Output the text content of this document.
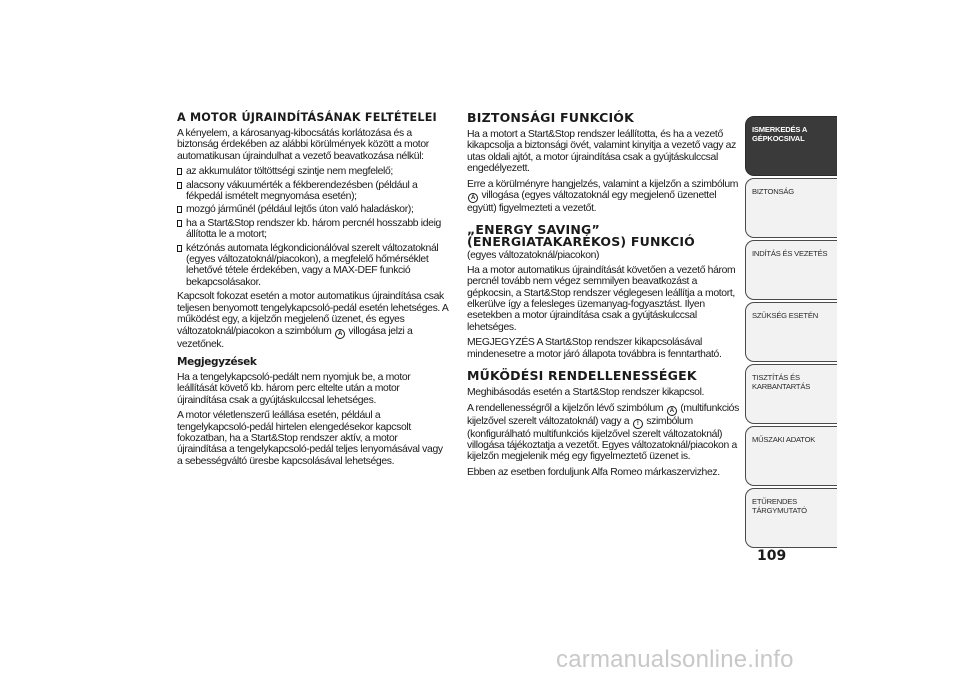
A MOTOR ÚJRAINDÍTÁSÁNAK FELTÉTELEI

A kényelem, a károsanyag-kibocsátás korlátozása és a biztonság érdekében az alábbi körülmények között a motor automatikusan újraindulhat a vezető beavatkozása nélkül:

az akkumulátor töltöttségi szintje nem megfelelő;
alacsony vákuumérték a fékberendezésben (például a fékpedál ismételt megnyomása esetén);
mozgó járműnél (például lejtős úton való haladáskor);
ha a Start&Stop rendszer kb. három percnél hosszabb ideig állította le a motort;
kétzónás automata légkondicionálóval szerelt változatoknál (egyes változatoknál/piacokon), a megfelelő hőmérséklet lehetővé tétele érdekében, vagy a MAX-DEF funkció bekapcsolásakor.

Kapcsolt fokozat esetén a motor automatikus újraindítása csak teljesen benyomott tengelykapcsoló-pedál esetén lehetséges. A működést egy, a kijelzőn megjelenő üzenet, és egyes változatoknál/piacokon a szimbólum A villogása jelzi a vezetőnek.

Megjegyzések

Ha a tengelykapcsoló-pedált nem nyomjuk be, a motor leállítását követő kb. három perc eltelte után a motor újraindítása csak a gyújtáskulccsal lehetséges.

A motor véletlenszerű leállása esetén, például a tengelykapcsoló-pedál hirtelen elengedésekor kapcsolt fokozatban, ha a Start&Stop rendszer aktív, a motor újraindítása a tengelykapcsoló-pedál teljes lenyomásával vagy a sebességváltó üresbe kapcsolásával lehetséges.

BIZTONSÁGI FUNKCIÓK

Ha a motort a Start&Stop rendszer leállította, és ha a vezető kikapcsolja a biztonsági övét, valamint kinyitja a vezető vagy az utas oldali ajtót, a motor újraindítása csak a gyújtáskulccsal engedélyezett.

Erre a körülményre hangjelzés, valamint a kijelzőn a szimbólum A villogása (egyes változatoknál egy megjelenő üzenettel együtt) figyelmezteti a vezetőt.

„ENERGY SAVING” (ENERGIATAKARÉKOS) FUNKCIÓ

(egyes változatoknál/piacokon)

Ha a motor automatikus újraindítását követően a vezető három percnél tovább nem végez semmilyen beavatkozást a gépkocsin, a Start&Stop rendszer véglegesen leállítja a motort, elkerülve így a felesleges üzemanyag-fogyasztást. Ilyen esetekben a motor újraindítása csak a gyújtáskulccsal lehetséges.

MEGJEGYZÉS A Start&Stop rendszer kikapcsolásával mindenesetre a motor járó állapota továbbra is fenntartható.

MŰKÖDÉSI RENDELLENESSÉGEK

Meghibásodás esetén a Start&Stop rendszer kikapcsol.

A rendellenességről a kijelzőn lévő szimbólum A (multifunkciós kijelzővel szerelt változatoknál) vagy a ! szimbólum (konfigurálható multifunkciós kijelzővel szerelt változatoknál) villogása tájékoztatja a vezetőt. Egyes változatoknál/piacokon a kijelzőn megjelenik még egy figyelmeztető üzenet is.

Ebben az esetben forduljunk Alfa Romeo márkaszervizhez.

ISMERKEDÉS A GÉPKOCSIVAL
BIZTONSÁG
INDÍTÁS ÉS VEZETÉS
SZÜKSÉG ESETÉN
TISZTÍTÁS ÉS KARBANTARTÁS
MŰSZAKI ADATOK
ETŰRENDES TÁRGYMUTATÓ
109
carmanualsonline.info
